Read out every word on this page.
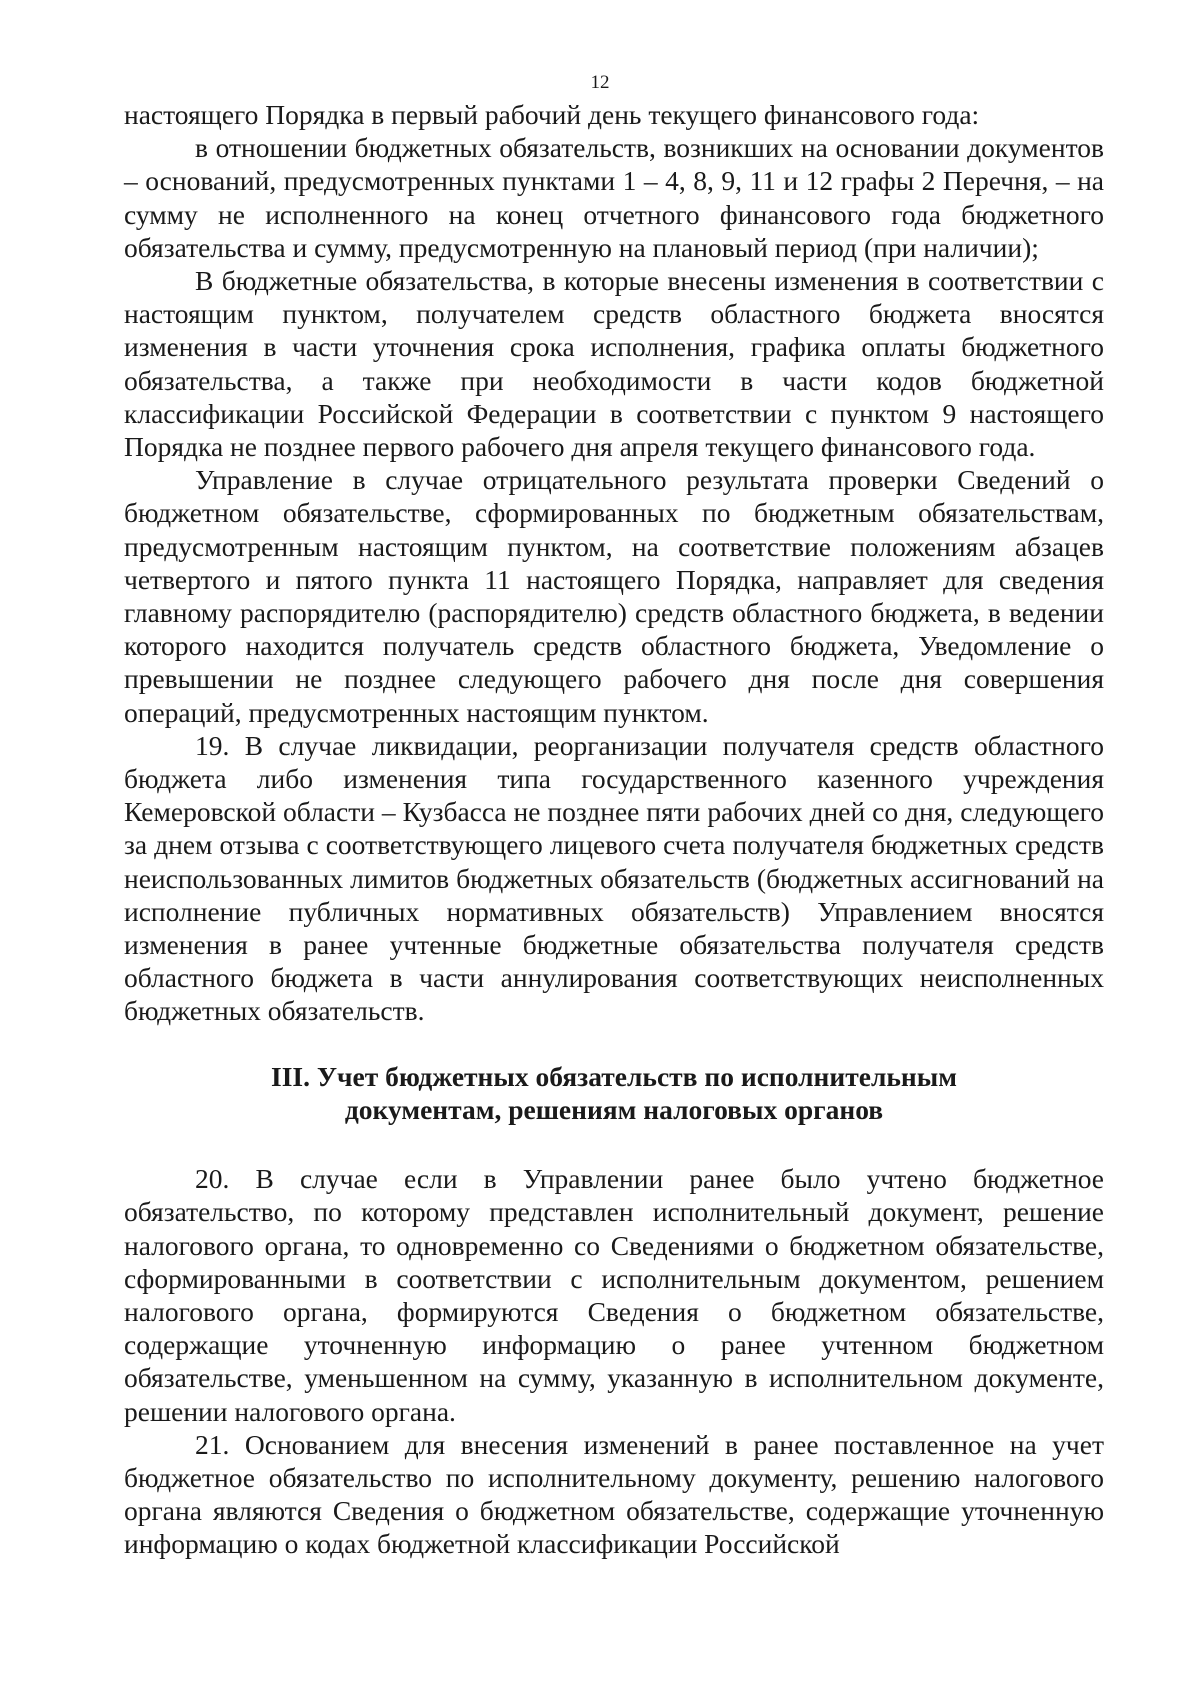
12

настоящего Порядка в первый рабочий день текущего финансового года:

в отношении бюджетных обязательств, возникших на основании документов – оснований, предусмотренных пунктами 1 – 4, 8, 9, 11 и 12 графы 2 Перечня, – на сумму не исполненного на конец отчетного финансового года бюджетного обязательства и сумму, предусмотренную на плановый период (при наличии);

В бюджетные обязательства, в которые внесены изменения в соответствии с настоящим пунктом, получателем средств областного бюджета вносятся изменения в части уточнения срока исполнения, графика оплаты бюджетного обязательства, а также при необходимости в части кодов бюджетной классификации Российской Федерации в соответствии с пунктом 9 настоящего Порядка не позднее первого рабочего дня апреля текущего финансового года.

Управление в случае отрицательного результата проверки Сведений о бюджетном обязательстве, сформированных по бюджетным обязательствам, предусмотренным настоящим пунктом, на соответствие положениям абзацев четвертого и пятого пункта 11 настоящего Порядка, направляет для сведения главному распорядителю (распорядителю) средств областного бюджета, в ведении которого находится получатель средств областного бюджета, Уведомление о превышении не позднее следующего рабочего дня после дня совершения операций, предусмотренных настоящим пунктом.

19. В случае ликвидации, реорганизации получателя средств областного бюджета либо изменения типа государственного казенного учреждения Кемеровской области – Кузбасса не позднее пяти рабочих дней со дня, следующего за днем отзыва с соответствующего лицевого счета получателя бюджетных средств неиспользованных лимитов бюджетных обязательств (бюджетных ассигнований на исполнение публичных нормативных обязательств) Управлением вносятся изменения в ранее учтенные бюджетные обязательства получателя средств областного бюджета в части аннулирования соответствующих неисполненных бюджетных обязательств.

III. Учет бюджетных обязательств по исполнительным
документам, решениям налоговых органов

20. В случае если в Управлении ранее было учтено бюджетное обязательство, по которому представлен исполнительный документ, решение налогового органа, то одновременно со Сведениями о бюджетном обязательстве, сформированными в соответствии с исполнительным документом, решением налогового органа, формируются Сведения о бюджетном обязательстве, содержащие уточненную информацию о ранее учтенном бюджетном обязательстве, уменьшенном на сумму, указанную в исполнительном документе, решении налогового органа.

21. Основанием для внесения изменений в ранее поставленное на учет бюджетное обязательство по исполнительному документу, решению налогового органа являются Сведения о бюджетном обязательстве, содержащие уточненную информацию о кодах бюджетной классификации Российской
